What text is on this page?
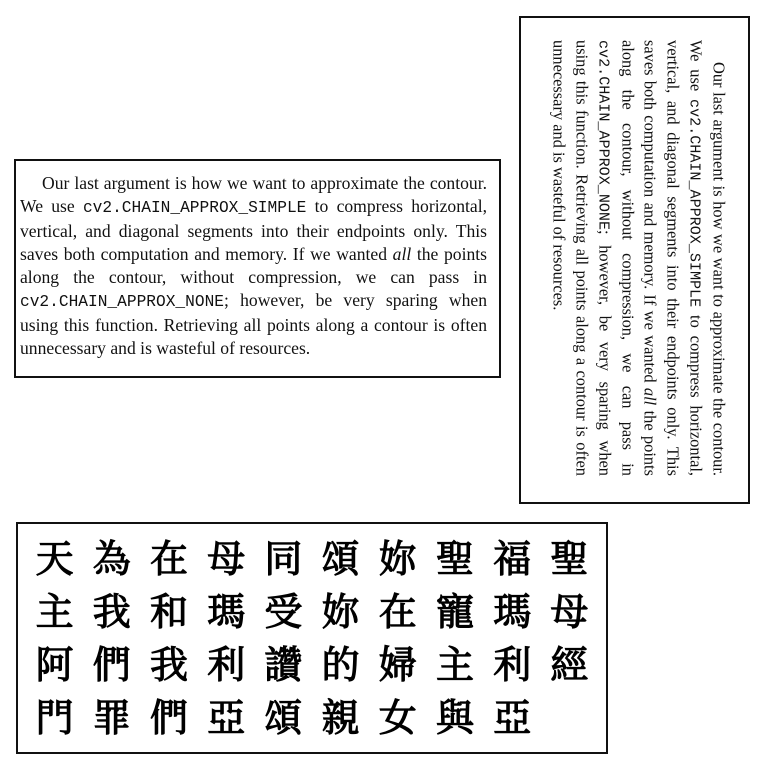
Our last argument is how we want to approximate the contour. We use cv2.CHAIN_APPROX_SIMPLE to compress horizontal, vertical, and diagonal segments into their endpoints only. This saves both computation and memory. If we wanted all the points along the contour, without compression, we can pass in cv2.CHAIN_APPROX_NONE; however, be very sparing when using this function. Retrieving all points along a contour is often unnecessary and is wasteful of resources.	Our last argument is how we want to approximate the contour. We use cv2.CHAIN_APPROX_SIMPLE to compress horizontal, vertical, and diagonal segments into their endpoints only. This saves both computation and memory. If we wanted all the points along the contour, without compression, we can pass in cv2.CHAIN_APPROX_NONE; however, be very sparing when using this function. Retrieving all points along a contour is often unnecessary and is wasteful of resources.

天 為 在 母 同 頌 妳 聖 福 聖
主 我 和 瑪 受 妳 在 寵 瑪 母
阿 們 我 利 讚 的 婦 主 利 經
門 罪 們 亞 頌 親 女 與 亞
